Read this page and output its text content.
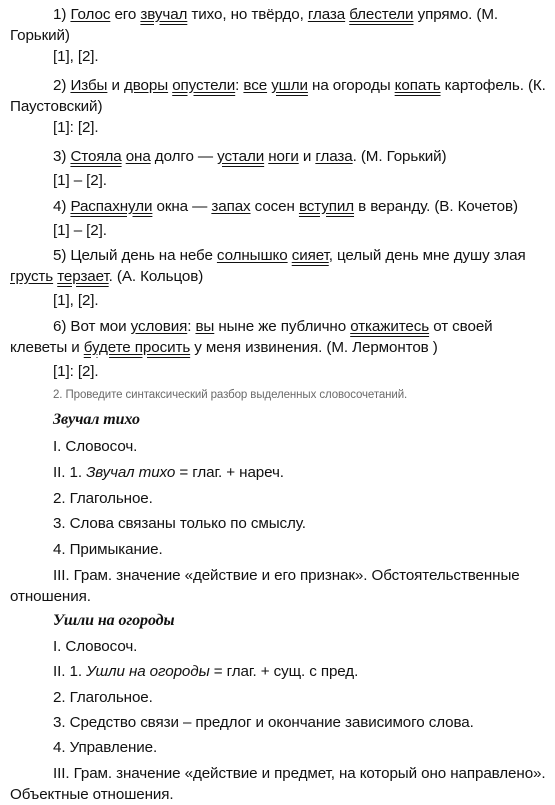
1) Голос его звучал тихо, но твёрдо, глаза блестели упрямо. (М. Горький)

[1], [2].

2) Избы и дворы опустели: все ушли на огороды копать картофель. (К. Паустовский)

[1]: [2].

3) Стояла она долго — устали ноги и глаза. (М. Горький)

[1] – [2].

4) Распахнули окна — запах сосен вступил в веранду. (В. Кочетов)

[1] – [2].

5) Целый день на небе солнышко сияет, целый день мне душу злая грусть терзает. (А. Кольцов)

[1], [2].

6) Вот мои условия: вы ныне же публично откажитесь от своей клеветы и будете просить у меня извинения. (М. Лермонтов )

[1]: [2].

2. Проведите синтаксический разбор выделенных словосочетаний.

Звучал тихо

I. Словосоч.

II. 1. Звучал тихо = глаг. + нареч.

2. Глагольное.

3. Слова связаны только по смыслу.

4. Примыкание.

III. Грам. значение «действие и его признак». Обстоятельственные отношения.

Ушли на огороды

I. Словосоч.

II. 1. Ушли на огороды = глаг. + сущ. с пред.

2. Глагольное.

3. Средство связи – предлог и окончание зависимого слова.

4. Управление.

III. Грам. значение «действие и предмет, на который оно направлено». Объектные отношения.
